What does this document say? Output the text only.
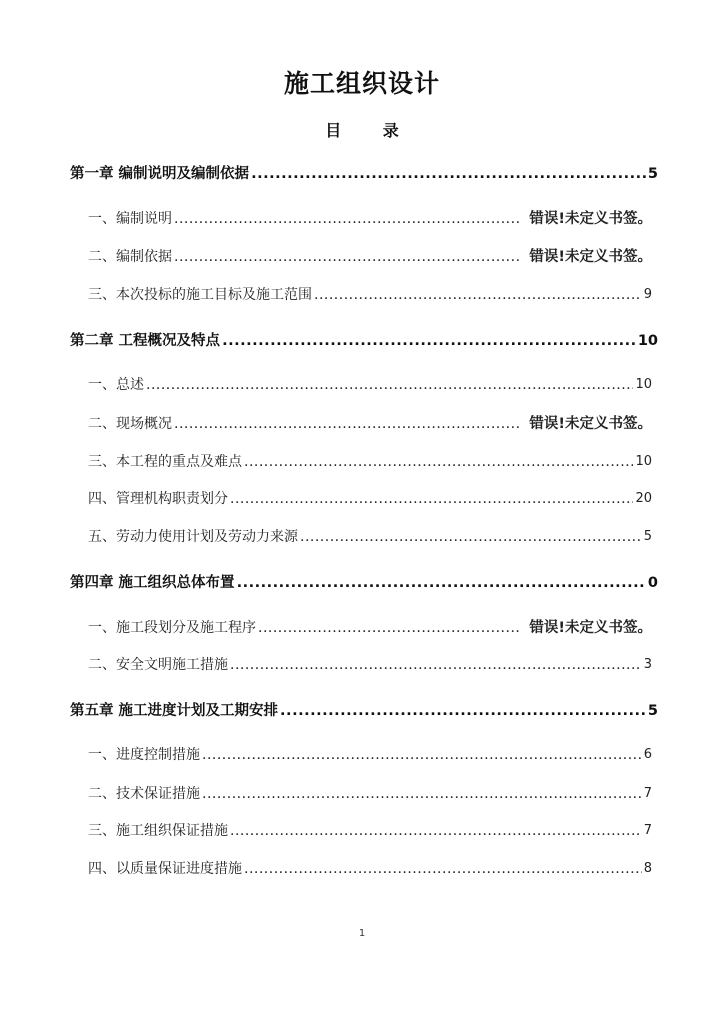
施工组织设计
目 录
第一章 编制说明及编制依据 .....	5
一、编制说明 .....	错误!未定义书签。
二、编制依据 .....	错误!未定义书签。
三、本次投标的施工目标及施工范围 .....	9
第二章 工程概况及特点 .....	10
一、总述 .....	10
二、现场概况 .....	错误!未定义书签。
三、本工程的重点及难点 .....	10
四、管理机构职责划分 .....	20
五、劳动力使用计划及劳动力来源 .....	5
第四章 施工组织总体布置 .....	0
一、施工段划分及施工程序 .....	错误!未定义书签。
二、安全文明施工措施 .....	3
第五章 施工进度计划及工期安排 .....	5
一、进度控制措施 .....	6
二、技术保证措施 .....	7
三、施工组织保证措施 .....	7
四、以质量保证进度措施 .....	8
1
